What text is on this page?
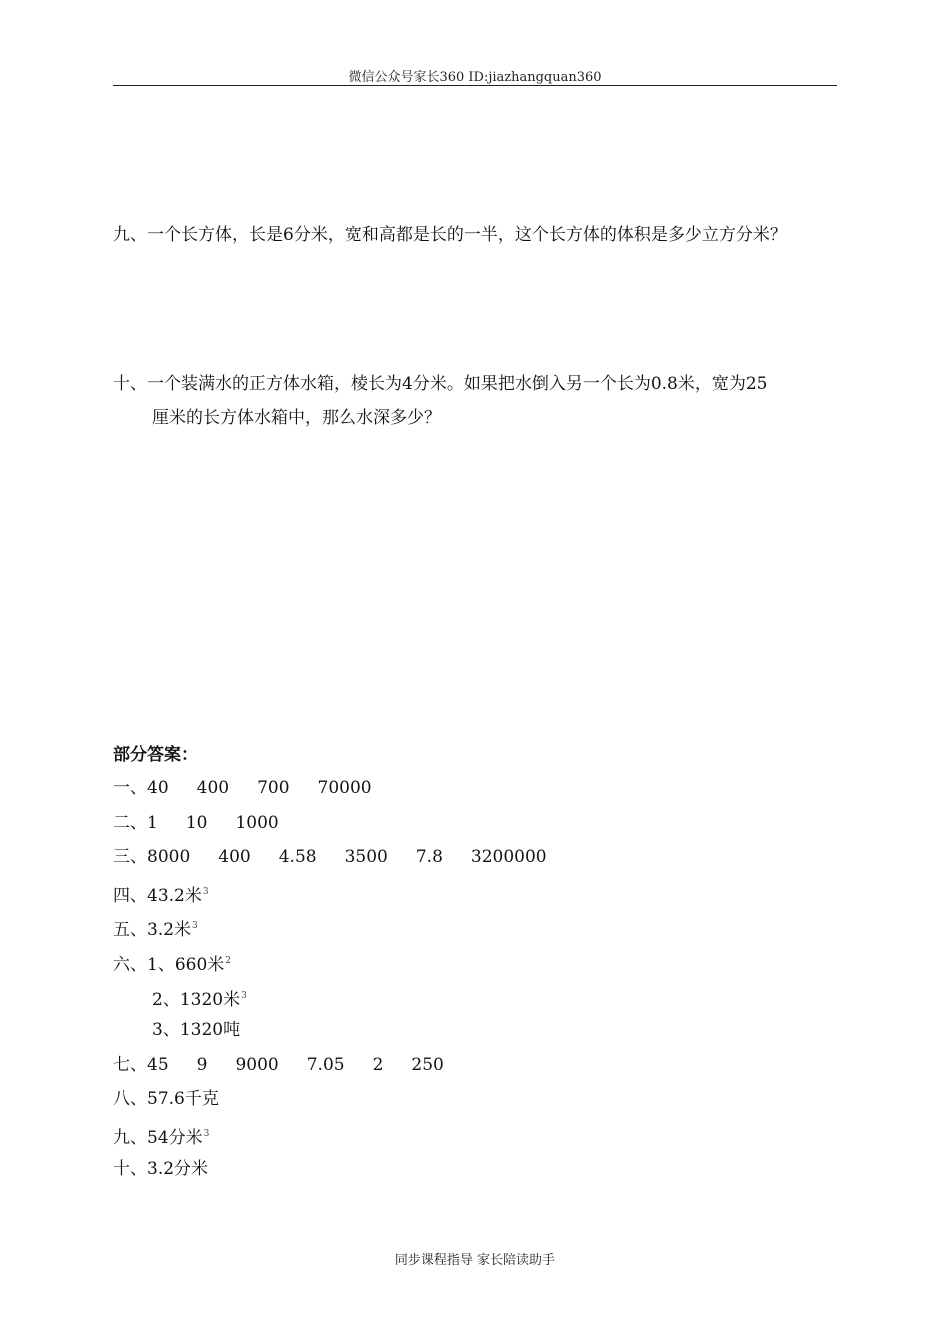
微信公众号家长360 ID:jiazhangquan360
九、一个长方体，长是6分米，宽和高都是长的一半，这个长方体的体积是多少立方分米？
十、一个装满水的正方体水箱，棱长为4分米。如果把水倒入另一个长为0.8米，宽为25
厘米的长方体水箱中，那么水深多少？
部分答案：
一、40 400 700 70000
二、1 10 1000
三、8000 400 4.58 3500 7.8 3200000
四、43.2米$^3$
五、3.2米$^3$
六、1、660米$^2$
2、1320米$^3$
3、1320吨
七、45 9 9000 7.05 2 250
八、57.6千克
九、54分米$^3$
十、3.2分米
同步课程指导 家长陪读助手
